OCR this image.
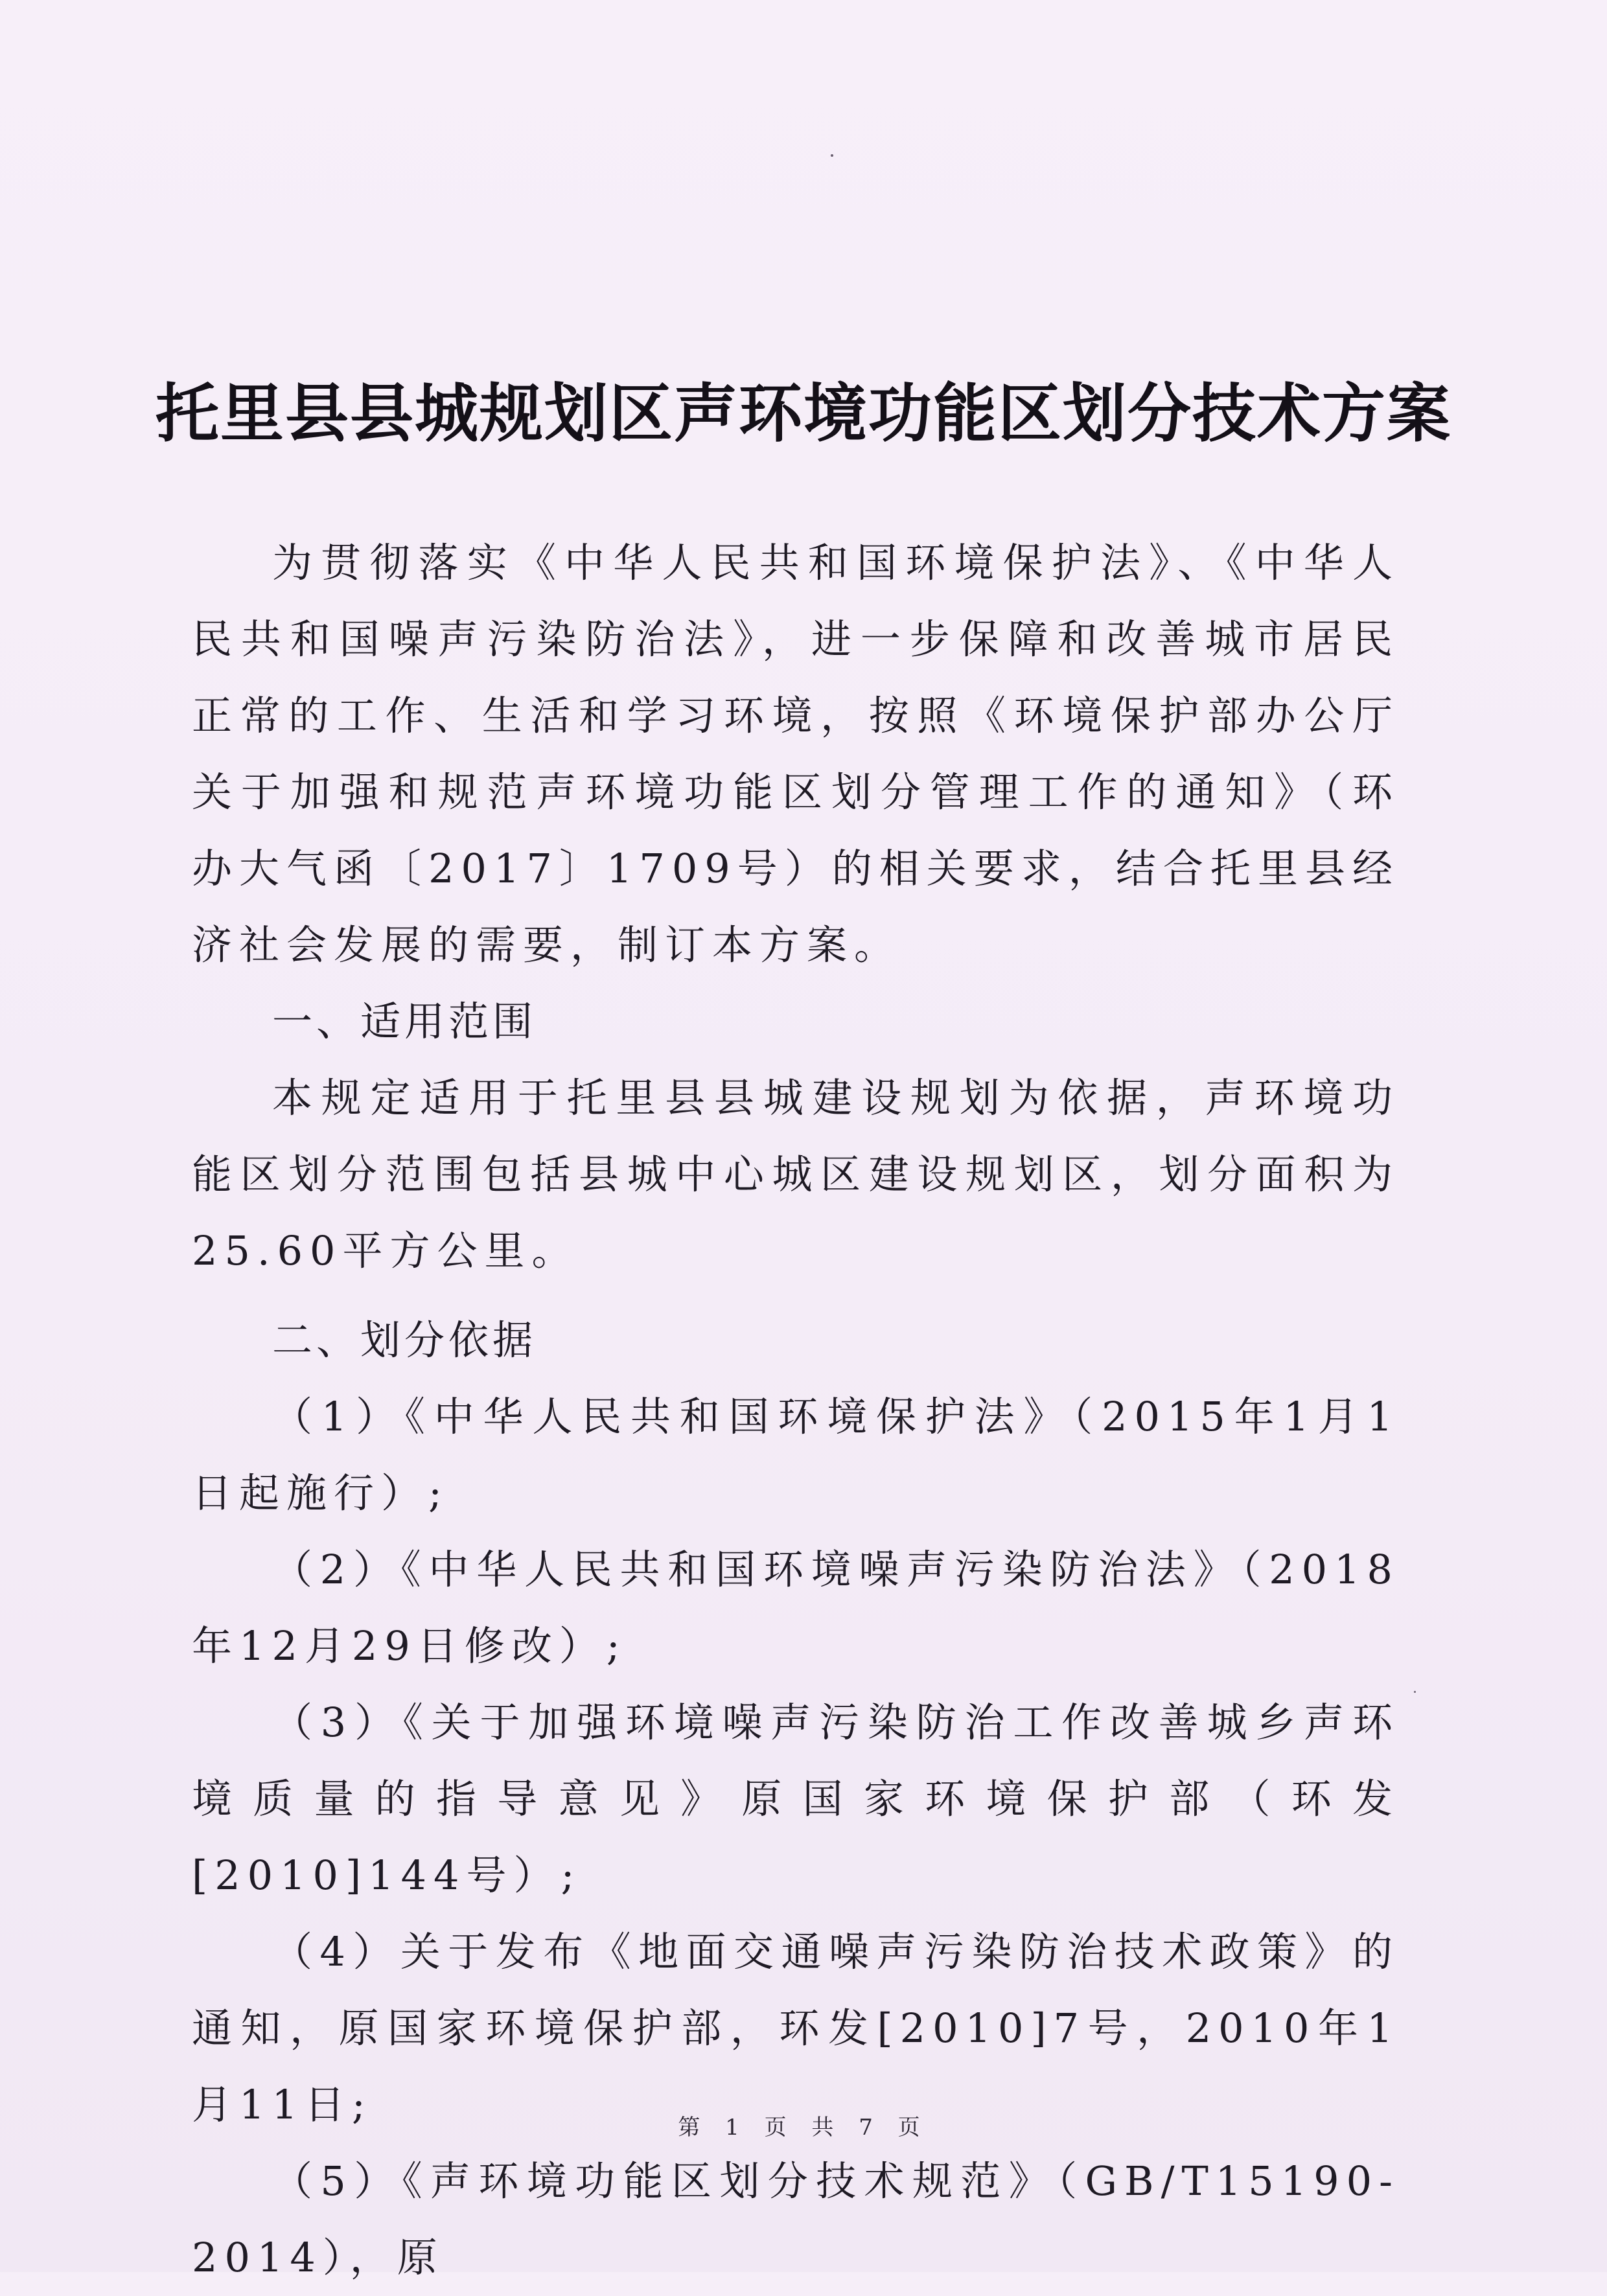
托里县县城规划区声环境功能区划分技术方案

为贯彻落实《中华人民共和国环境保护法》、《中华人民共和国噪声污染防治法》，进一步保障和改善城市居民正常的工作、生活和学习环境，按照《环境保护部办公厅关于加强和规范声环境功能区划分管理工作的通知》（环办大气函〔2017〕1709号）的相关要求，结合托里县经济社会发展的需要，制订本方案。

一、适用范围

本规定适用于托里县县城建设规划为依据，声环境功能区划分范围包括县城中心城区建设规划区，划分面积为25.60平方公里。

二、划分依据

（1）《中华人民共和国环境保护法》（2015年1月1日起施行）;

（2）《中华人民共和国环境噪声污染防治法》（2018年12月29日修改）;

（3）《关于加强环境噪声污染防治工作改善城乡声环境质量的指导意见》原国家环境保护部（环发[2010]144号）;

（4）关于发布《地面交通噪声污染防治技术政策》的通知，原国家环境保护部，环发[2010]7号，2010年1月11日;

（5）《声环境功能区划分技术规范》（GB/T15190-2014），原

第 1 页 共 7 页
